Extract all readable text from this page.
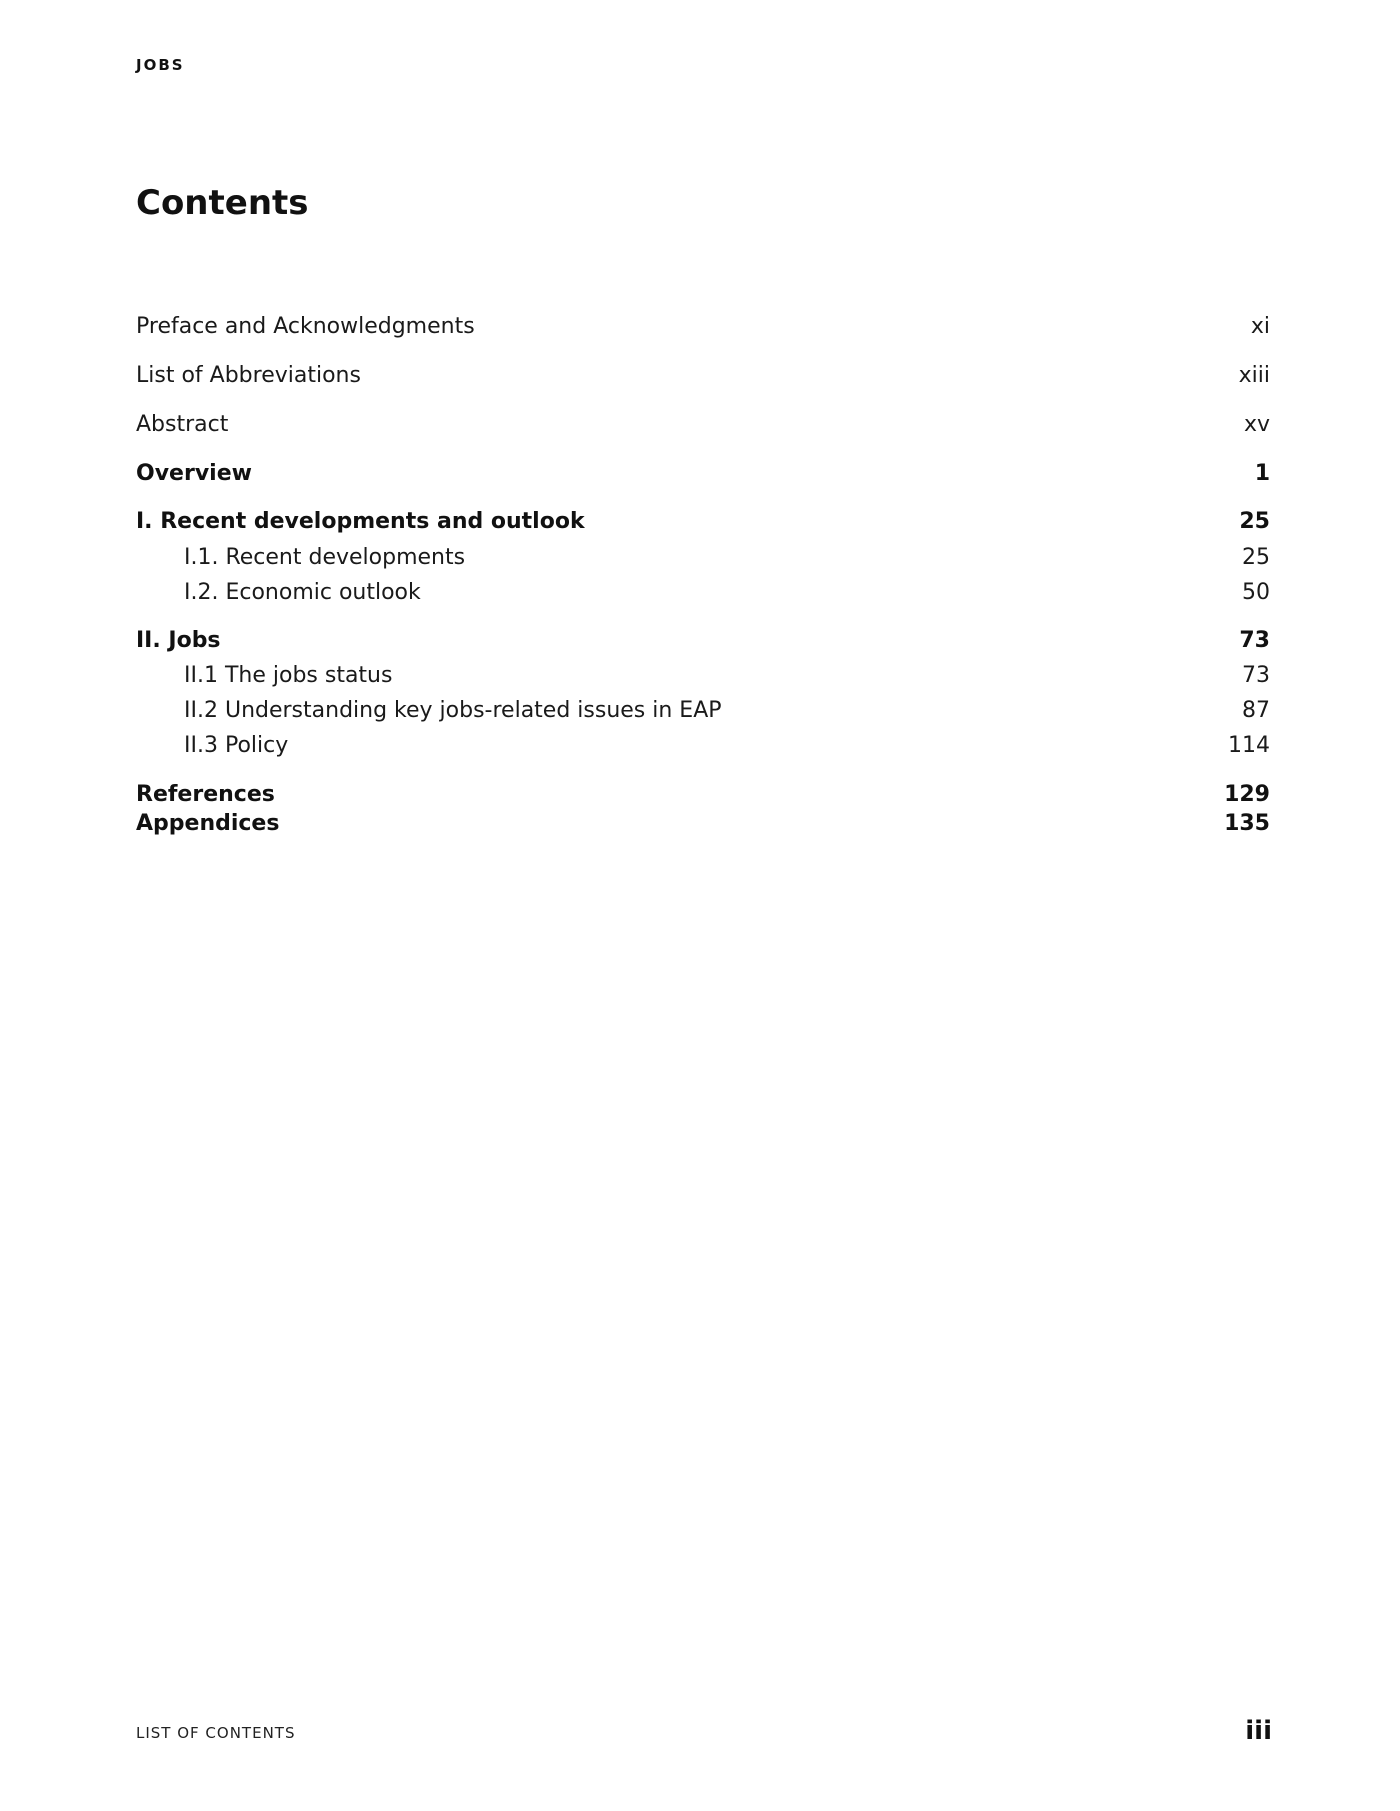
JOBS
Contents
Preface and Acknowledgments	xi
List of Abbreviations	xiii
Abstract	xv
Overview	1
I. Recent developments and outlook	25
I.1. Recent developments	25
I.2. Economic outlook	50
II. Jobs	73
II.1 The jobs status	73
II.2 Understanding key jobs-related issues in EAP	87
II.3 Policy	114
References	129
Appendices	135
LIST OF CONTENTS	iii
